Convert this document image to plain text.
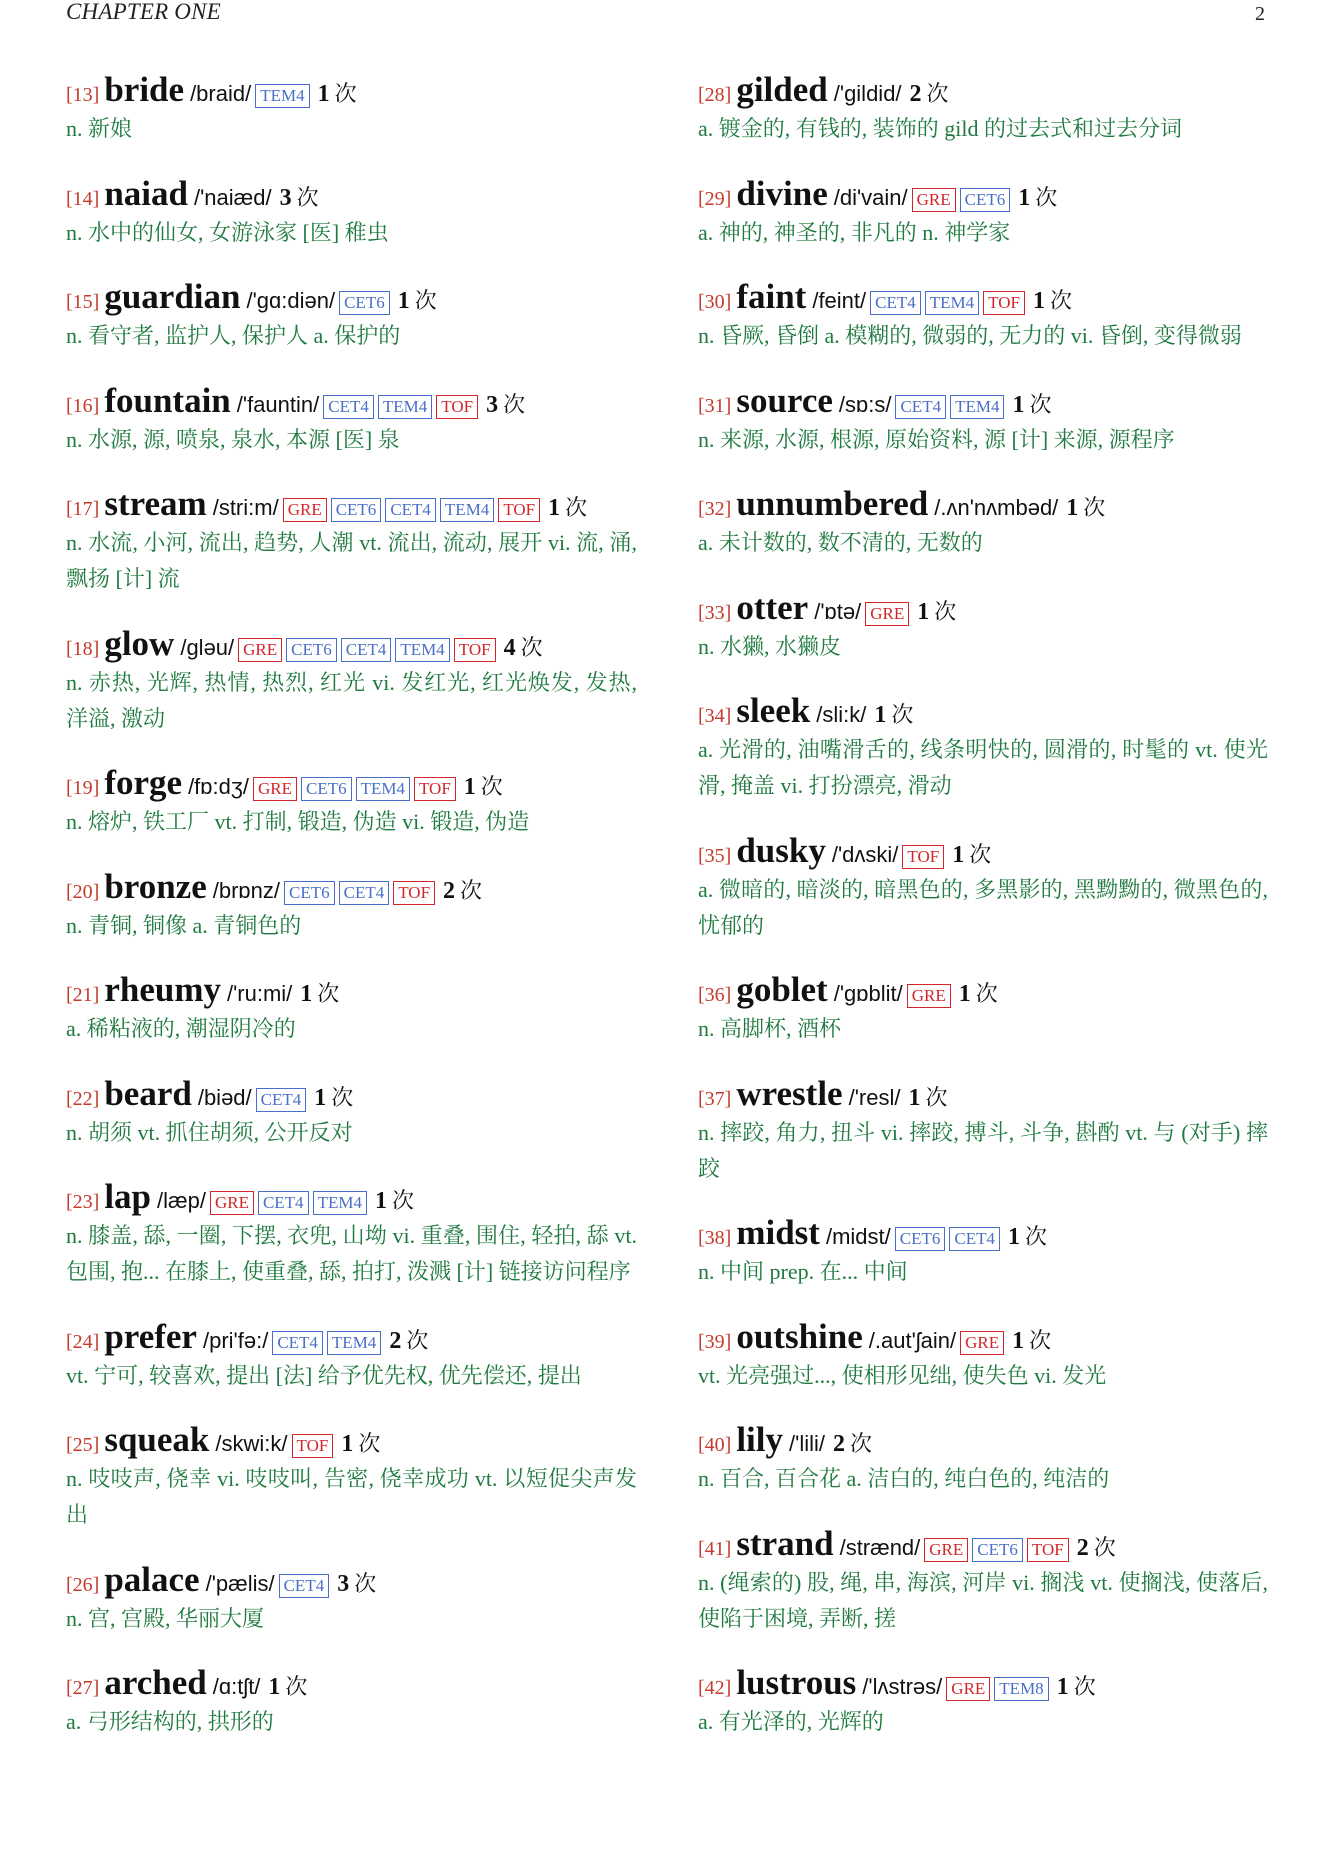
CHAPTER ONE	2
[13] bride /braid/ TEM4 1 次
n. 新娘
[14] naiad /'naiæd/ 3 次
n. 水中的仙女, 女游泳家 [医] 稚虫
[15] guardian /'gɑ:diən/ CET6 1 次
n. 看守者, 监护人, 保护人 a. 保护的
[16] fountain /'fauntin/ CET4 TEM4 TOF 3 次
n. 水源, 源, 喷泉, 泉水, 本源 [医] 泉
[17] stream /stri:m/ GRE CET6 CET4 TEM4 TOF 1 次
n. 水流, 小河, 流出, 趋势, 人潮 vt. 流出, 流动, 展开 vi. 流, 涌, 飘扬 [计] 流
[18] glow /gləu/ GRE CET6 CET4 TEM4 TOF 4 次
n. 赤热, 光辉, 热情, 热烈, 红光 vi. 发红光, 红光焕发, 发热, 洋溢, 激动
[19] forge /fɒ:dʒ/ GRE CET6 TEM4 TOF 1 次
n. 熔炉, 铁工厂 vt. 打制, 锻造, 伪造 vi. 锻造, 伪造
[20] bronze /brɒnz/ CET6 CET4 TOF 2 次
n. 青铜, 铜像 a. 青铜色的
[21] rheumy /'ru:mi/ 1 次
a. 稀粘液的, 潮湿阴冷的
[22] beard /biəd/ CET4 1 次
n. 胡须 vt. 抓住胡须, 公开反对
[23] lap /læp/ GRE CET4 TEM4 1 次
n. 膝盖, 舔, 一圈, 下摆, 衣兜, 山坳 vi. 重叠, 围住, 轻拍, 舔 vt. 包围, 抱... 在膝上, 使重叠, 舔, 拍打, 泼溅 [计] 链接访问程序
[24] prefer /pri'fə:/ CET4 TEM4 2 次
vt. 宁可, 较喜欢, 提出 [法] 给予优先权, 优先偿还, 提出
[25] squeak /skwi:k/ TOF 1 次
n. 吱吱声, 侥幸 vi. 吱吱叫, 告密, 侥幸成功 vt. 以短促尖声发出
[26] palace /'pælis/ CET4 3 次
n. 宫, 宫殿, 华丽大厦
[27] arched /ɑ:tʃt/ 1 次
a. 弓形结构的, 拱形的
[28] gilded /'gildid/ 2 次
a. 镀金的, 有钱的, 装饰的 gild 的过去式和过去分词
[29] divine /di'vain/ GRE CET6 1 次
a. 神的, 神圣的, 非凡的 n. 神学家
[30] faint /feint/ CET4 TEM4 TOF 1 次
n. 昏厥, 昏倒 a. 模糊的, 微弱的, 无力的 vi. 昏倒, 变得微弱
[31] source /sɒ:s/ CET4 TEM4 1 次
n. 来源, 水源, 根源, 原始资料, 源 [计] 来源, 源程序
[32] unnumbered /.ʌn'nʌmbəd/ 1 次
a. 未计数的, 数不清的, 无数的
[33] otter /'ɒtə/ GRE 1 次
n. 水獭, 水獭皮
[34] sleek /sli:k/ 1 次
a. 光滑的, 油嘴滑舌的, 线条明快的, 圆滑的, 时髦的 vt. 使光滑, 掩盖 vi. 打扮漂亮, 滑动
[35] dusky /'dʌski/ TOF 1 次
a. 微暗的, 暗淡的, 暗黑色的, 多黑影的, 黑黝黝的, 微黑色的, 忧郁的
[36] goblet /'gɒblit/ GRE 1 次
n. 高脚杯, 酒杯
[37] wrestle /'resl/ 1 次
n. 摔跤, 角力, 扭斗 vi. 摔跤, 搏斗, 斗争, 斟酌 vt. 与 (对手) 摔跤
[38] midst /midst/ CET6 CET4 1 次
n. 中间 prep. 在... 中间
[39] outshine /.aut'ʃain/ GRE 1 次
vt. 光亮强过..., 使相形见绌, 使失色 vi. 发光
[40] lily /'lili/ 2 次
n. 百合, 百合花 a. 洁白的, 纯白色的, 纯洁的
[41] strand /strænd/ GRE CET6 TOF 2 次
n. (绳索的) 股, 绳, 串, 海滨, 河岸 vi. 搁浅 vt. 使搁浅, 使落后, 使陷于困境, 弄断, 搓
[42] lustrous /'lʌstrəs/ GRE TEM8 1 次
a. 有光泽的, 光辉的
